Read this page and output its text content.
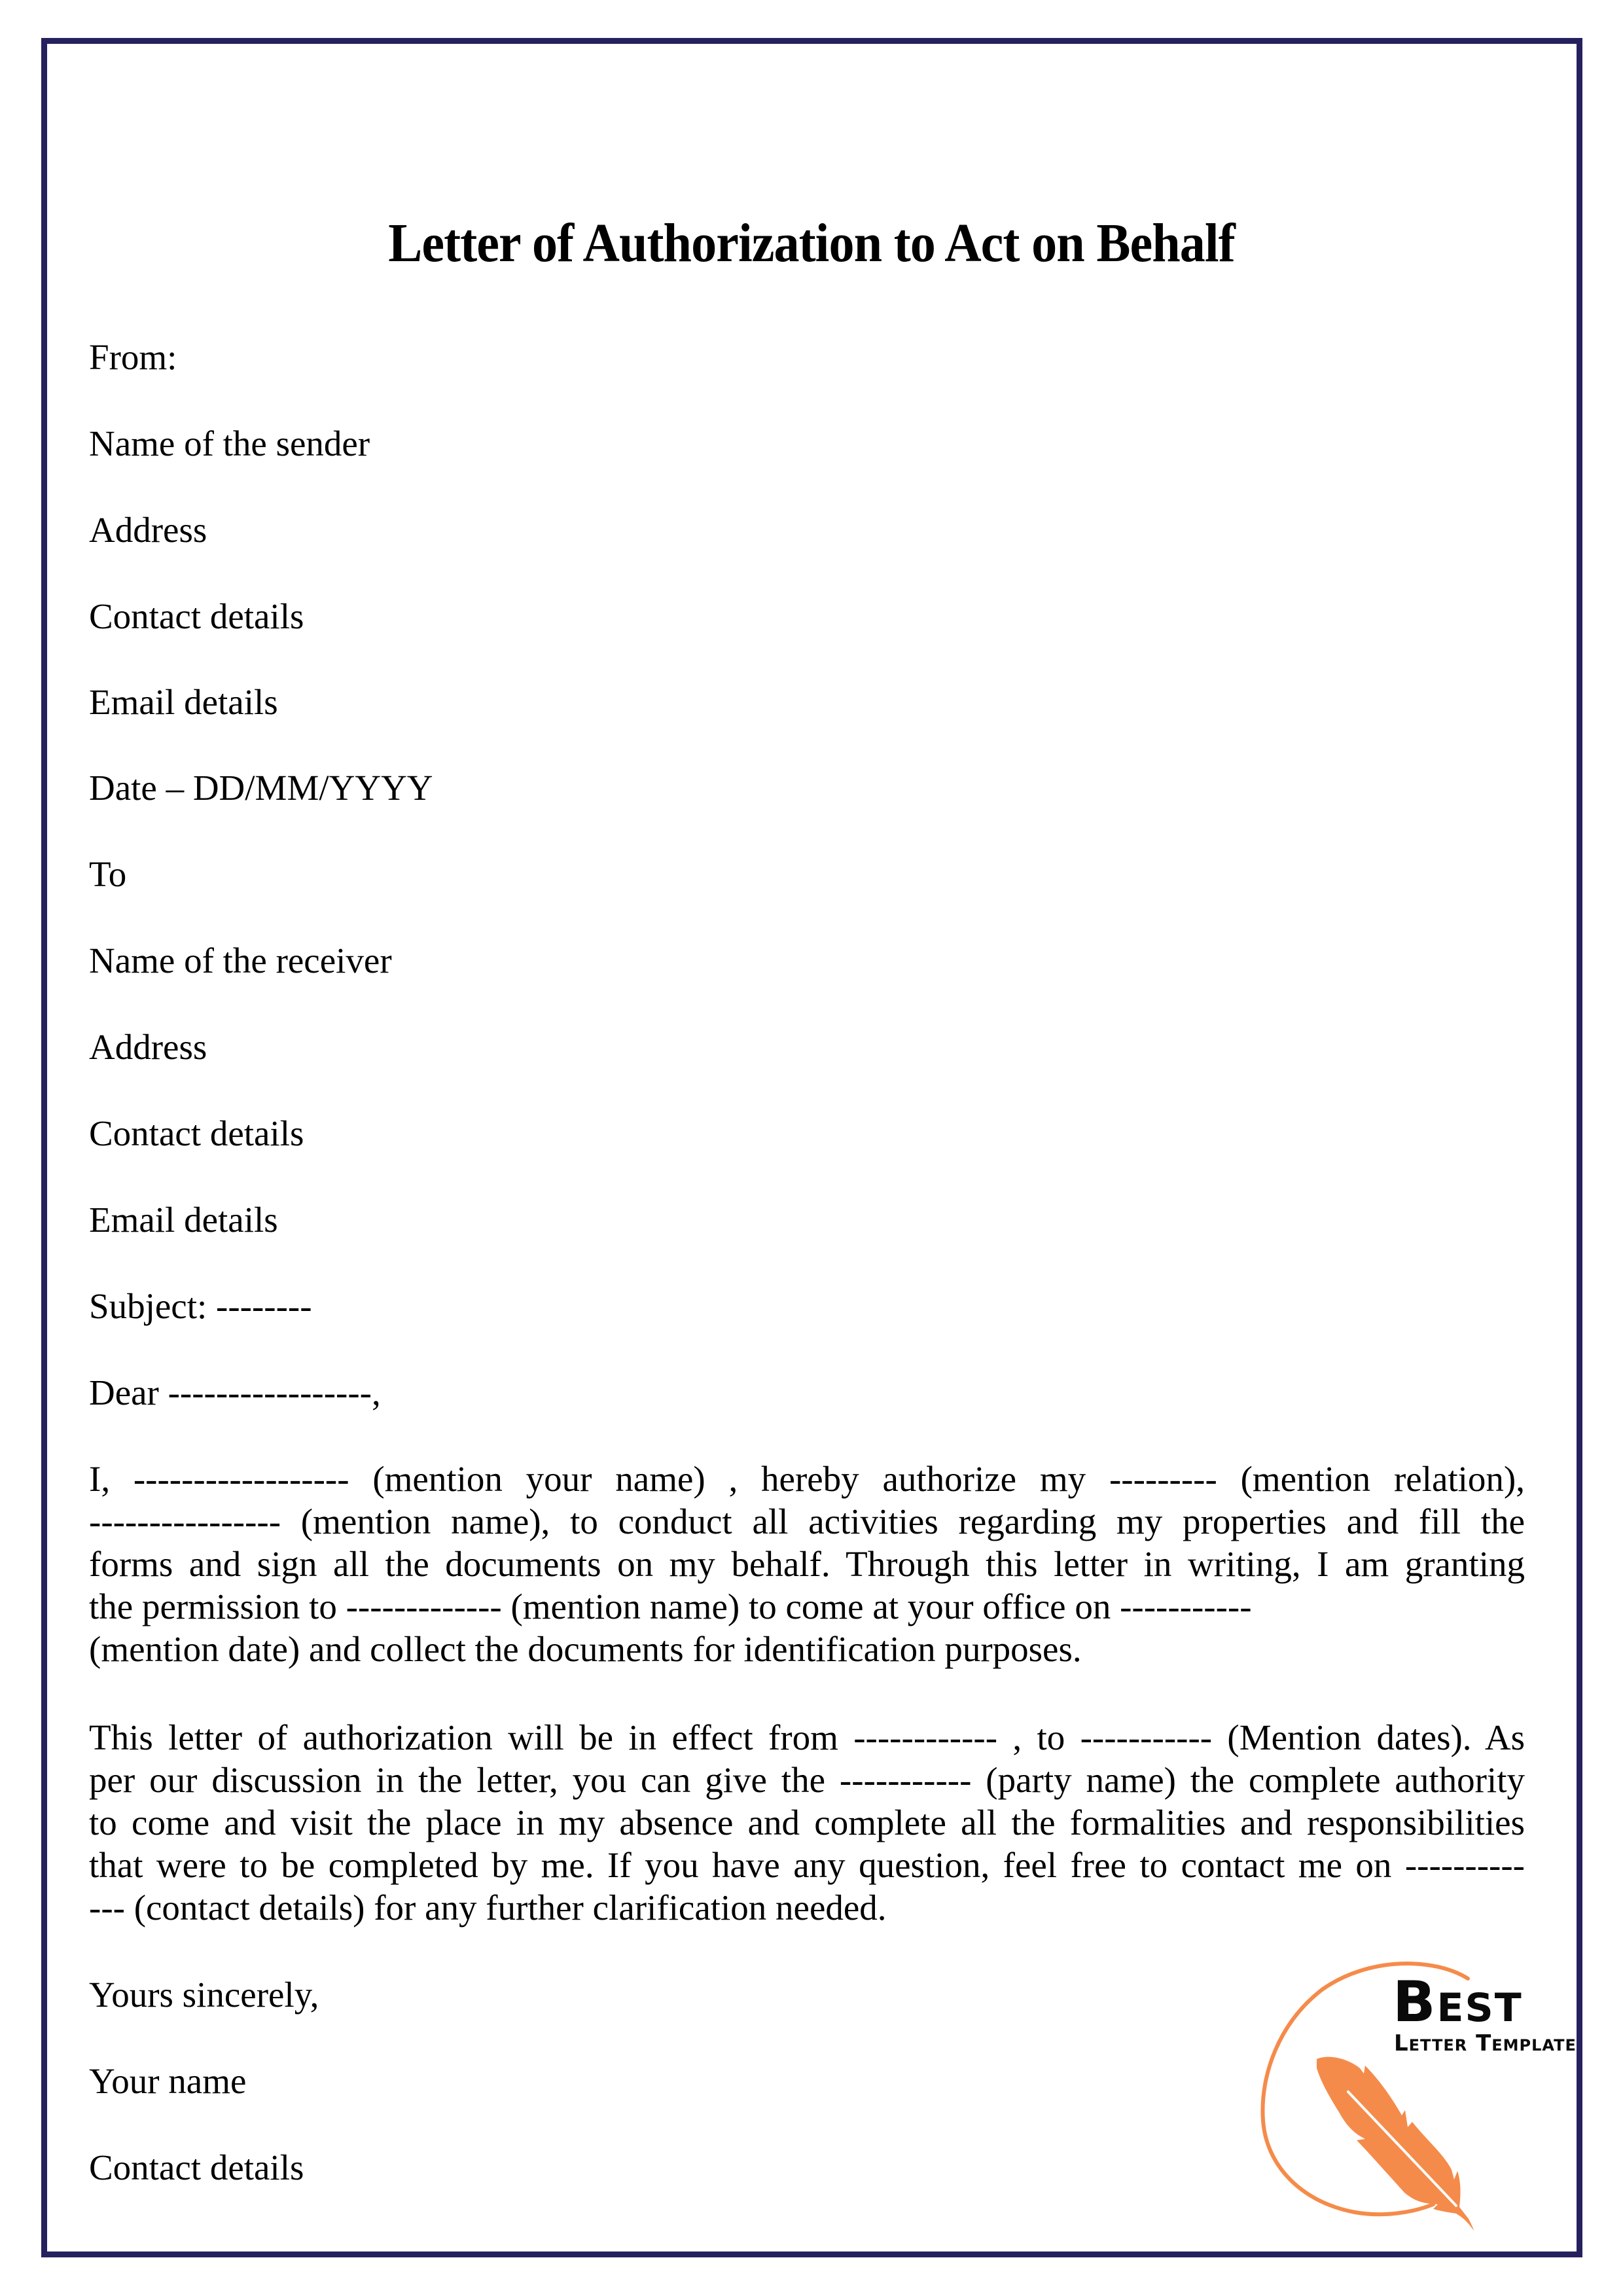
Letter of Authorization to Act on Behalf
From:
Name of the sender
Address
Contact details
Email details
Date – DD/MM/YYYY
To
Name of the receiver
Address
Contact details
Email details
Subject: --------
Dear -----------------,
I, ------------------ (mention your name) , hereby authorize my --------- (mention relation),
---------------- (mention name), to conduct all activities regarding my properties and fill the
forms and sign all the documents on my behalf. Through this letter in writing, I am granting
the permission to ------------- (mention name) to come at your office on -----------
(mention date) and collect the documents for identification purposes.
This letter of authorization will be in effect from ------------ , to ----------- (Mention dates). As
per our discussion in the letter, you can give the ----------- (party name) the complete authority
to come and visit the place in my absence and complete all the formalities and responsibilities
that were to be completed by me. If you have any question, feel free to contact me on ----------
--- (contact details) for any further clarification needed.
Yours sincerely,
Your name
Contact details
Best
Letter Template
